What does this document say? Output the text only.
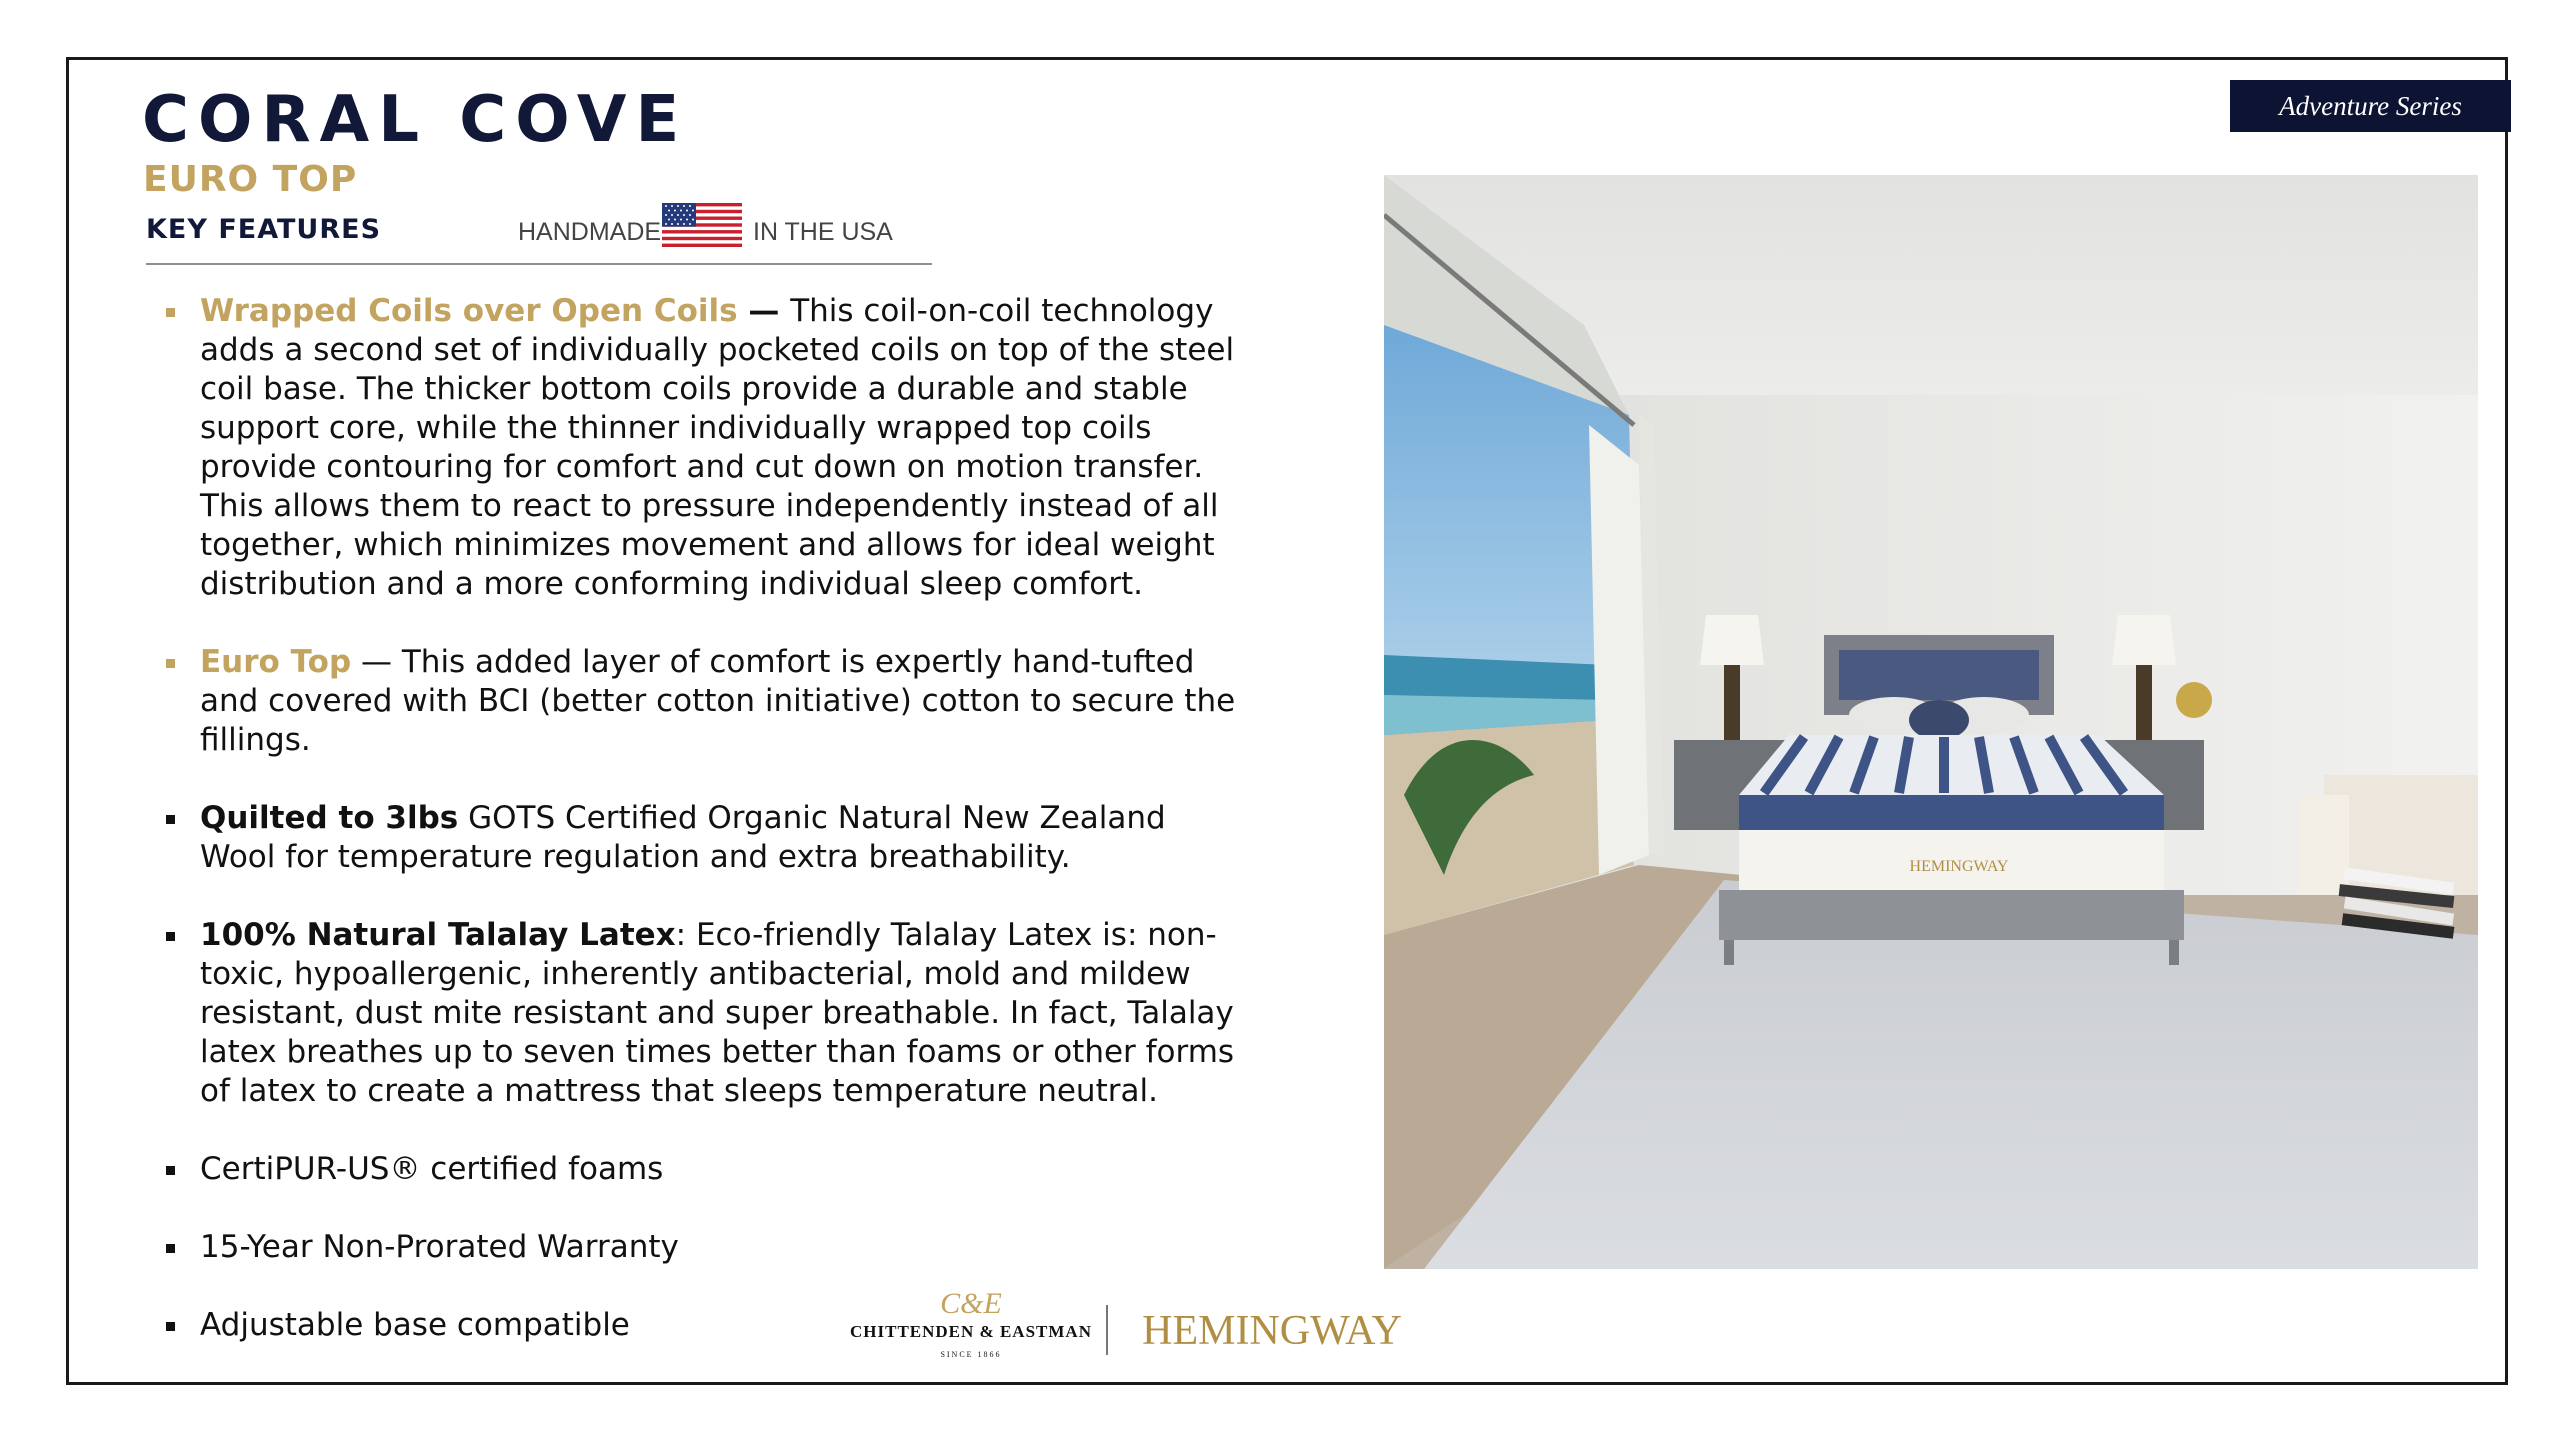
Adventure Series
CORAL COVE
EURO TOP
KEY FEATURES	HANDMADE	IN THE USA
Wrapped Coils over Open Coils — This coil-on-coil technology adds a second set of individually pocketed coils on top of the steel coil base. The thicker bottom coils provide a durable and stable support core, while the thinner individually wrapped top coils provide contouring for comfort and cut down on motion transfer. This allows them to react to pressure independently instead of all together, which minimizes movement and allows for ideal weight distribution and a more conforming individual sleep comfort.
Euro Top — This added layer of comfort is expertly hand-tufted and covered with BCI (better cotton initiative) cotton to secure the fillings.
Quilted to 3lbs GOTS Certified Organic Natural New Zealand Wool for temperature regulation and extra breathability.
100% Natural Talalay Latex: Eco-friendly Talalay Latex is: non-toxic, hypoallergenic, inherently antibacterial, mold and mildew resistant, dust mite resistant and super breathable. In fact, Talalay latex breathes up to seven times better than foams or other forms of latex to create a mattress that sleeps temperature neutral.
CertiPUR-US® certified foams
15-Year Non-Prorated Warranty
Adjustable base compatible
HEMINGWAY
C&E
CHITTENDEN & EASTMAN
SINCE 1866
HEMINGWAY
